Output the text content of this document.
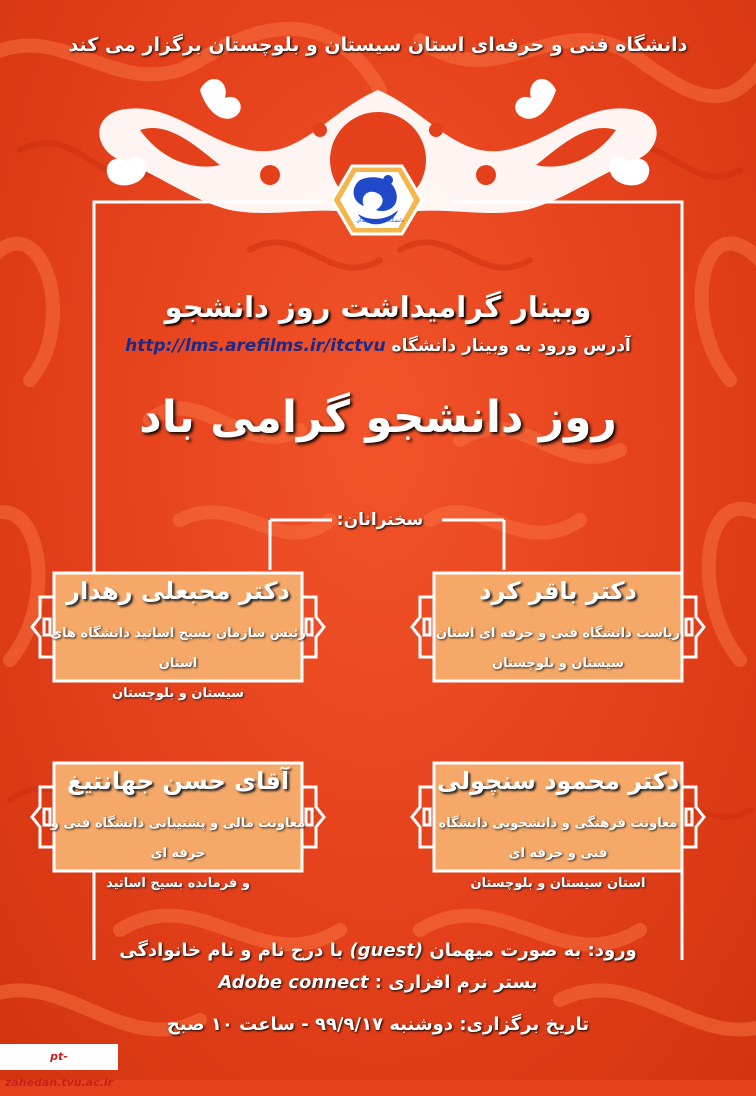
دانشگاه فنی و حرفه‌ای استان سیستان و بلوچستان برگزار می کند
دانشگاه فنی و حرفه‌ای
وبینار گرامیداشت روز دانشجو
http://lms.arefilms.ir/itctvu آدرس ورود به وبینار دانشگاه
روز دانشجو گرامی باد
سخنرانان:
دکتر باقر کرد
ریاست دانشگاه فنی و حرفه ای استان
سیستان و بلوچستان
دکتر محبعلی رهدار
رئیس سازمان بسیج اساتید دانشگاه های استان
سیستان و بلوچستان
دکتر محمود سنچولی
معاونت فرهنگی و دانشجویی دانشگاه فنی و حرفه ای
استان سیستان و بلوچستان
آقای حسن جهانتیغ
معاونت مالی و پشتیبانی دانشگاه فنی و حرفه ای
و فرمانده بسیج اساتید
ورود: به صورت میهمان (guest) با درج نام و نام خانوادگی
بستر نرم افزاری : Adobe connect
تاریخ برگزاری: دوشنبه ۹۹/۹/۱۷ - ساعت ۱۰ صبح
pt-zahedan.tvu.ac.ir
